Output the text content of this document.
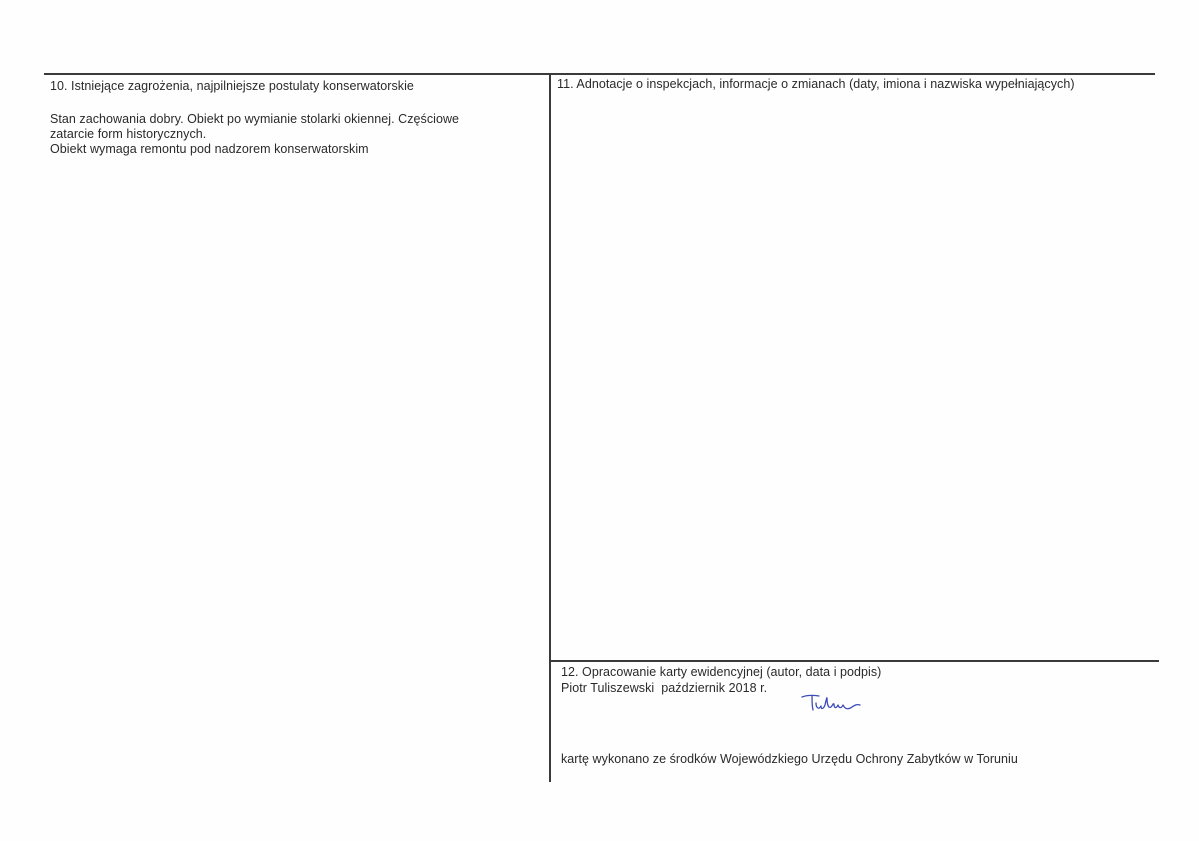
10. Istniejące zagrożenia, najpilniejsze postulaty konserwatorskie
Stan zachowania dobry. Obiekt po wymianie stolarki okiennej. Częściowe
zatarcie form historycznych.
Obiekt wymaga remontu pod nadzorem konserwatorskim
11. Adnotacje o inspekcjach, informacje o zmianach (daty, imiona i nazwiska wypełniających)
12. Opracowanie karty ewidencyjnej (autor, data i podpis)
Piotr Tuliszewski  październik 2018 r.
kartę wykonano ze środków Wojewódzkiego Urzędu Ochrony Zabytków w Toruniu
